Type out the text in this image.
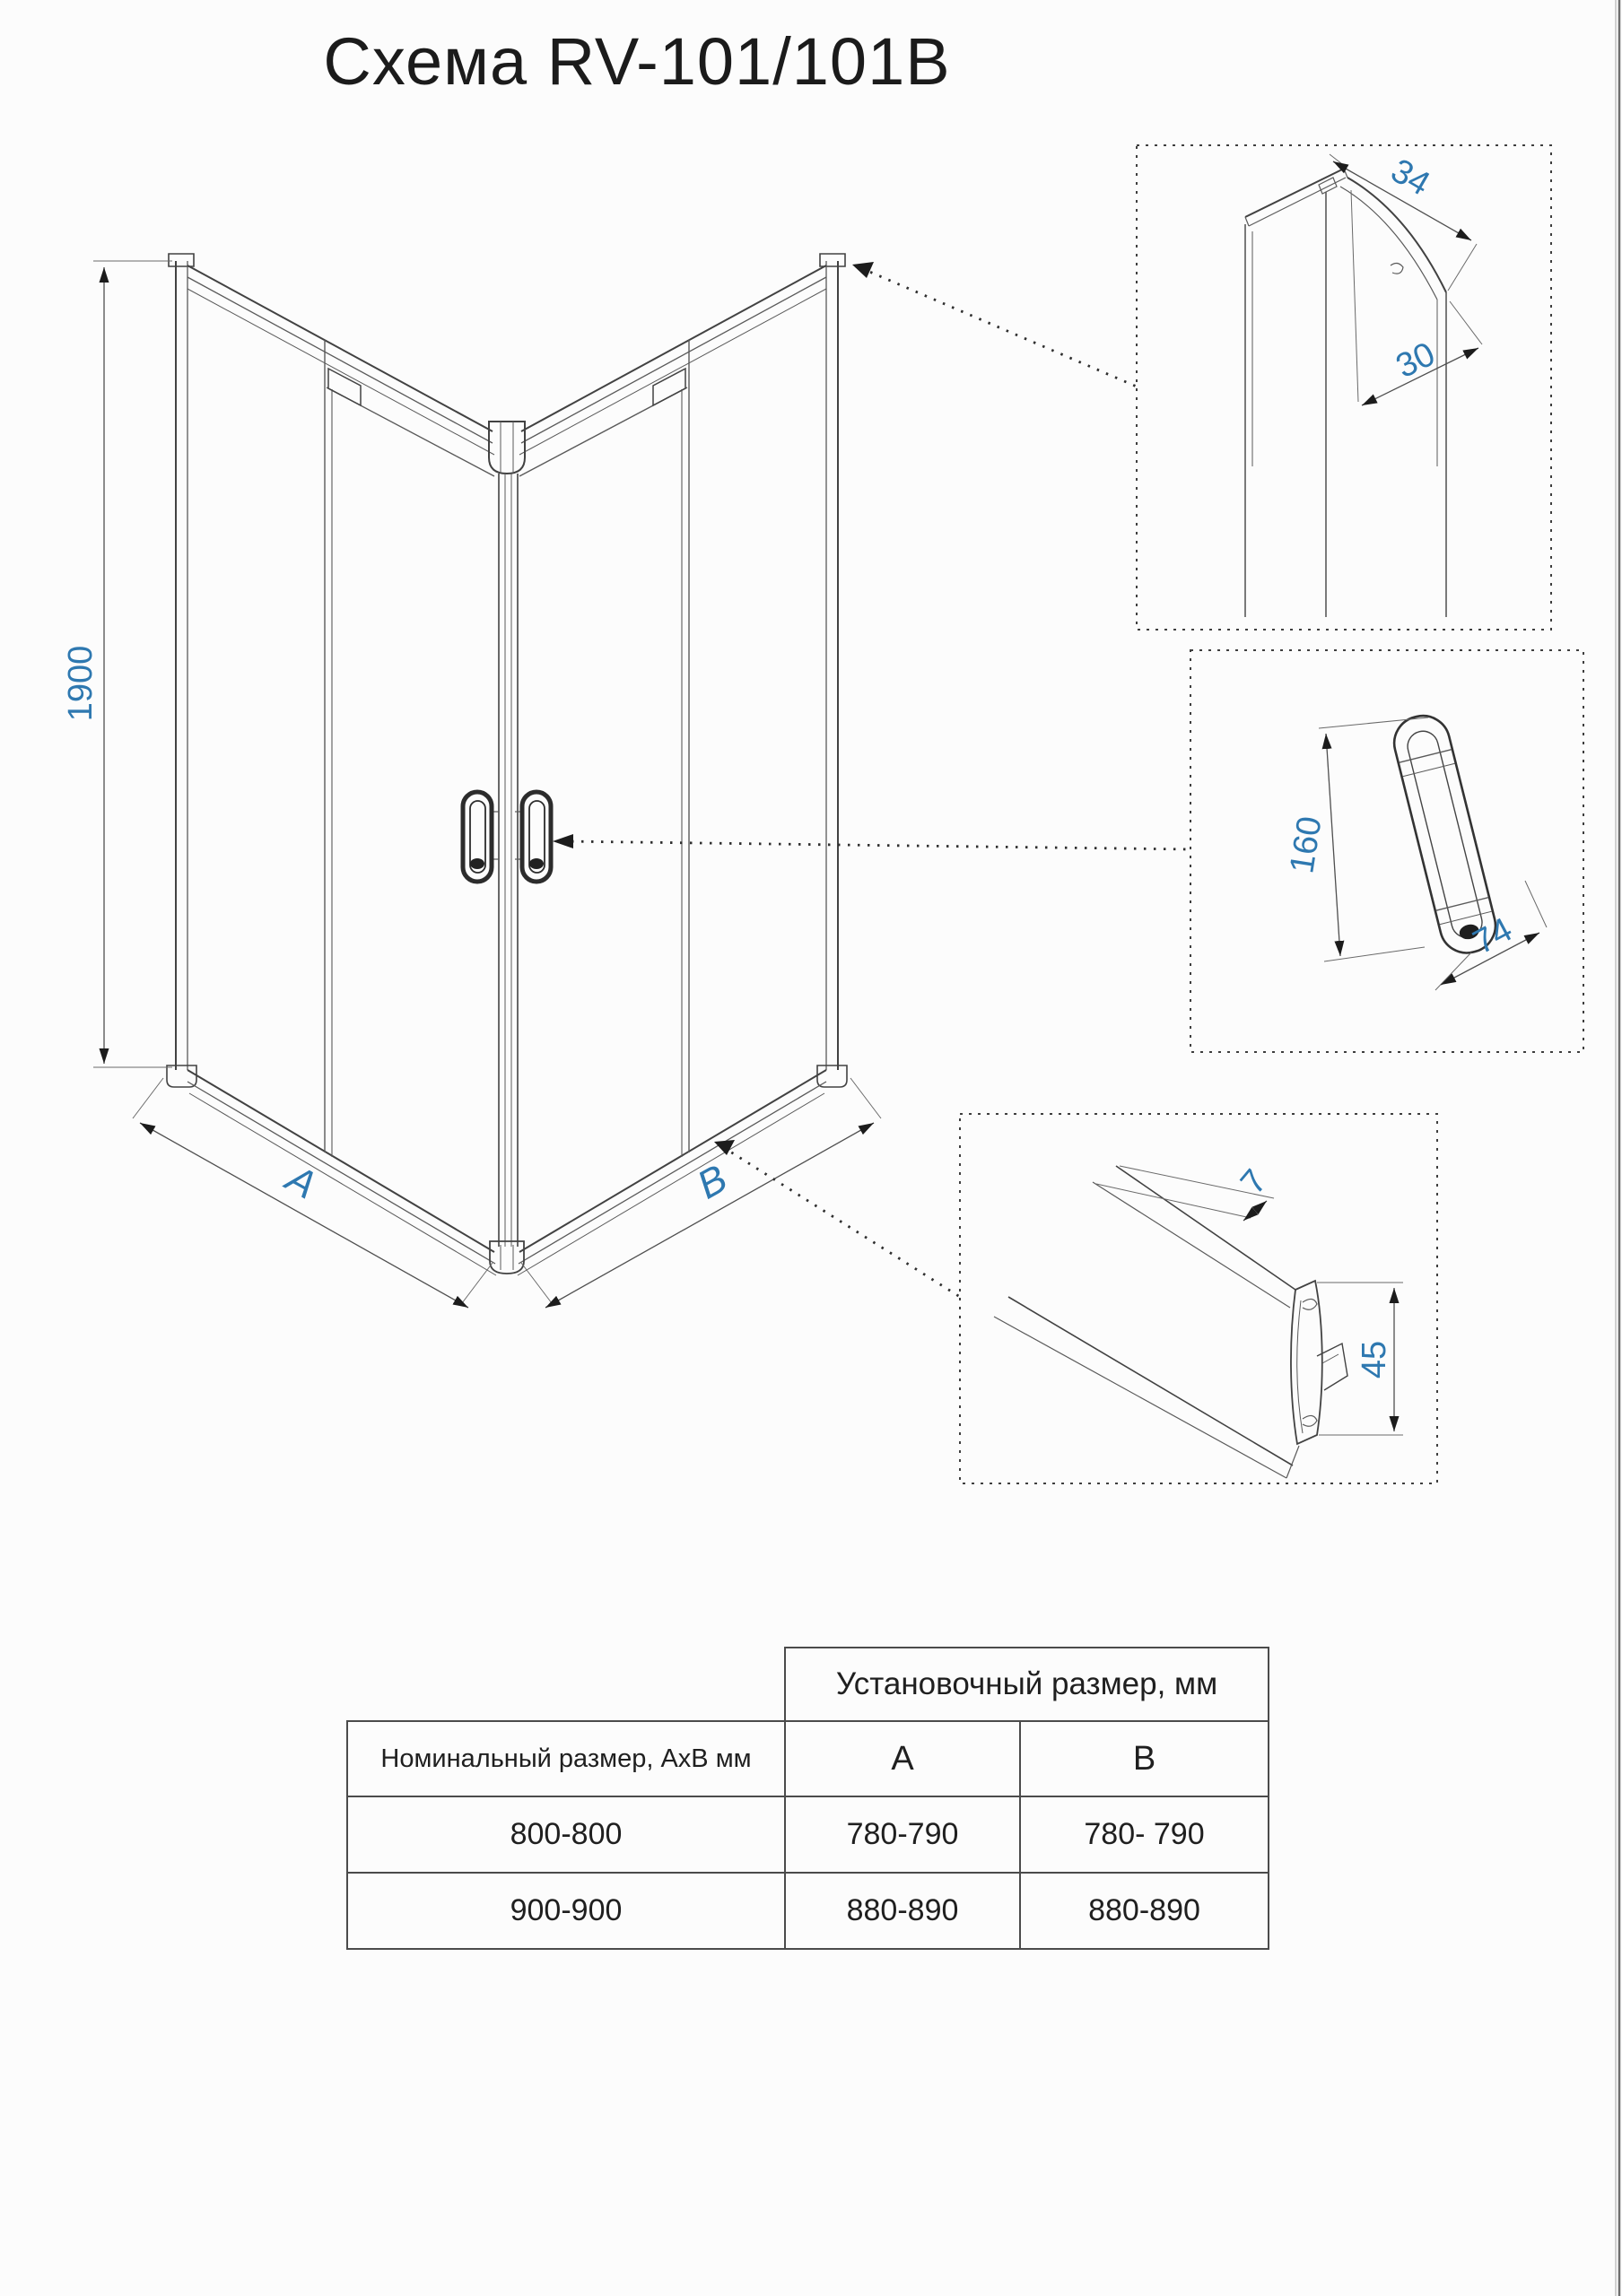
Схема RV-101/101B
1900
A	B
34
30
160
74
7
45
Установочный размер, мм
Номинальный размер, АхВ мм	А	В
800-800	780-790	780- 790
900-900	880-890	880-890
